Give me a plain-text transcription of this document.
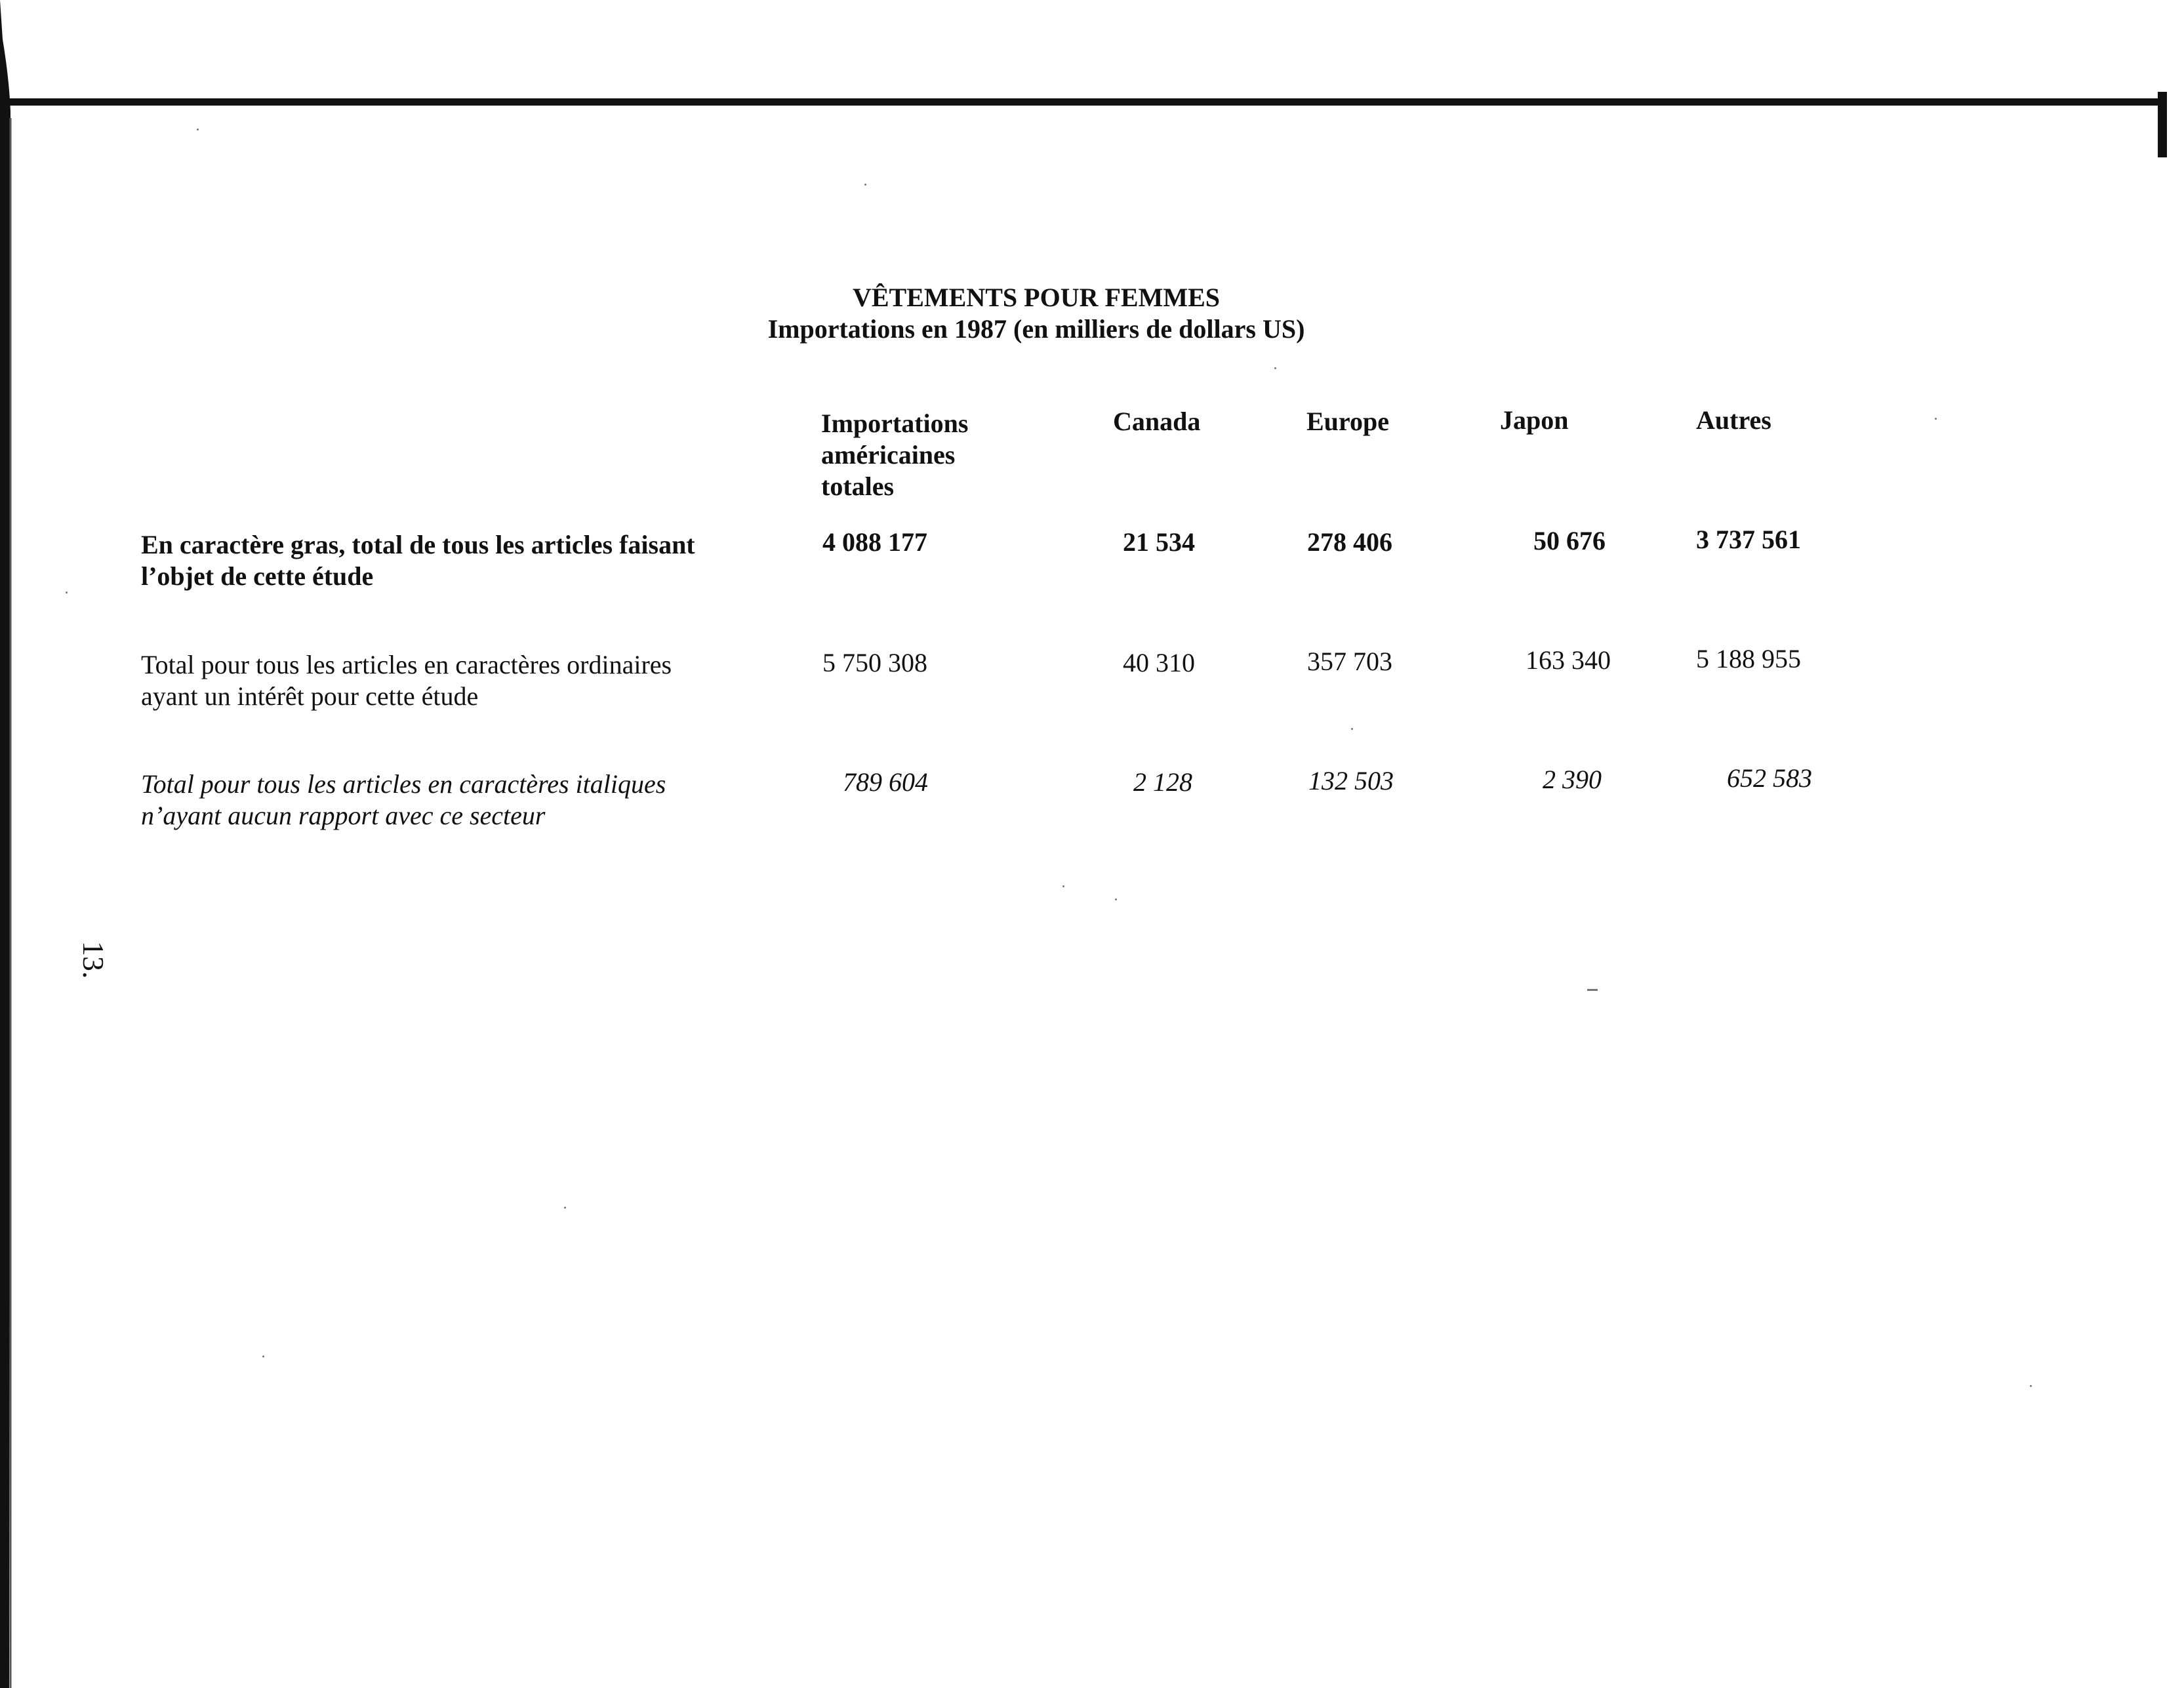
VÊTEMENTS POUR FEMMES
Importations en 1987 (en milliers de dollars US)
Importations
américaines
totales
Canada	Europe	Japon	Autres
En caractère gras, total de tous les articles faisant l’objet de cette étude
4 088 177	21 534	278 406	50 676	3 737 561
Total pour tous les articles en caractères ordinaires ayant un intérêt pour cette étude
5 750 308	40 310	357 703	163 340	5 188 955
Total pour tous les articles en caractères italiques n’ayant aucun rapport avec ce secteur
789 604	2 128	132 503	2 390	652 583
13.
